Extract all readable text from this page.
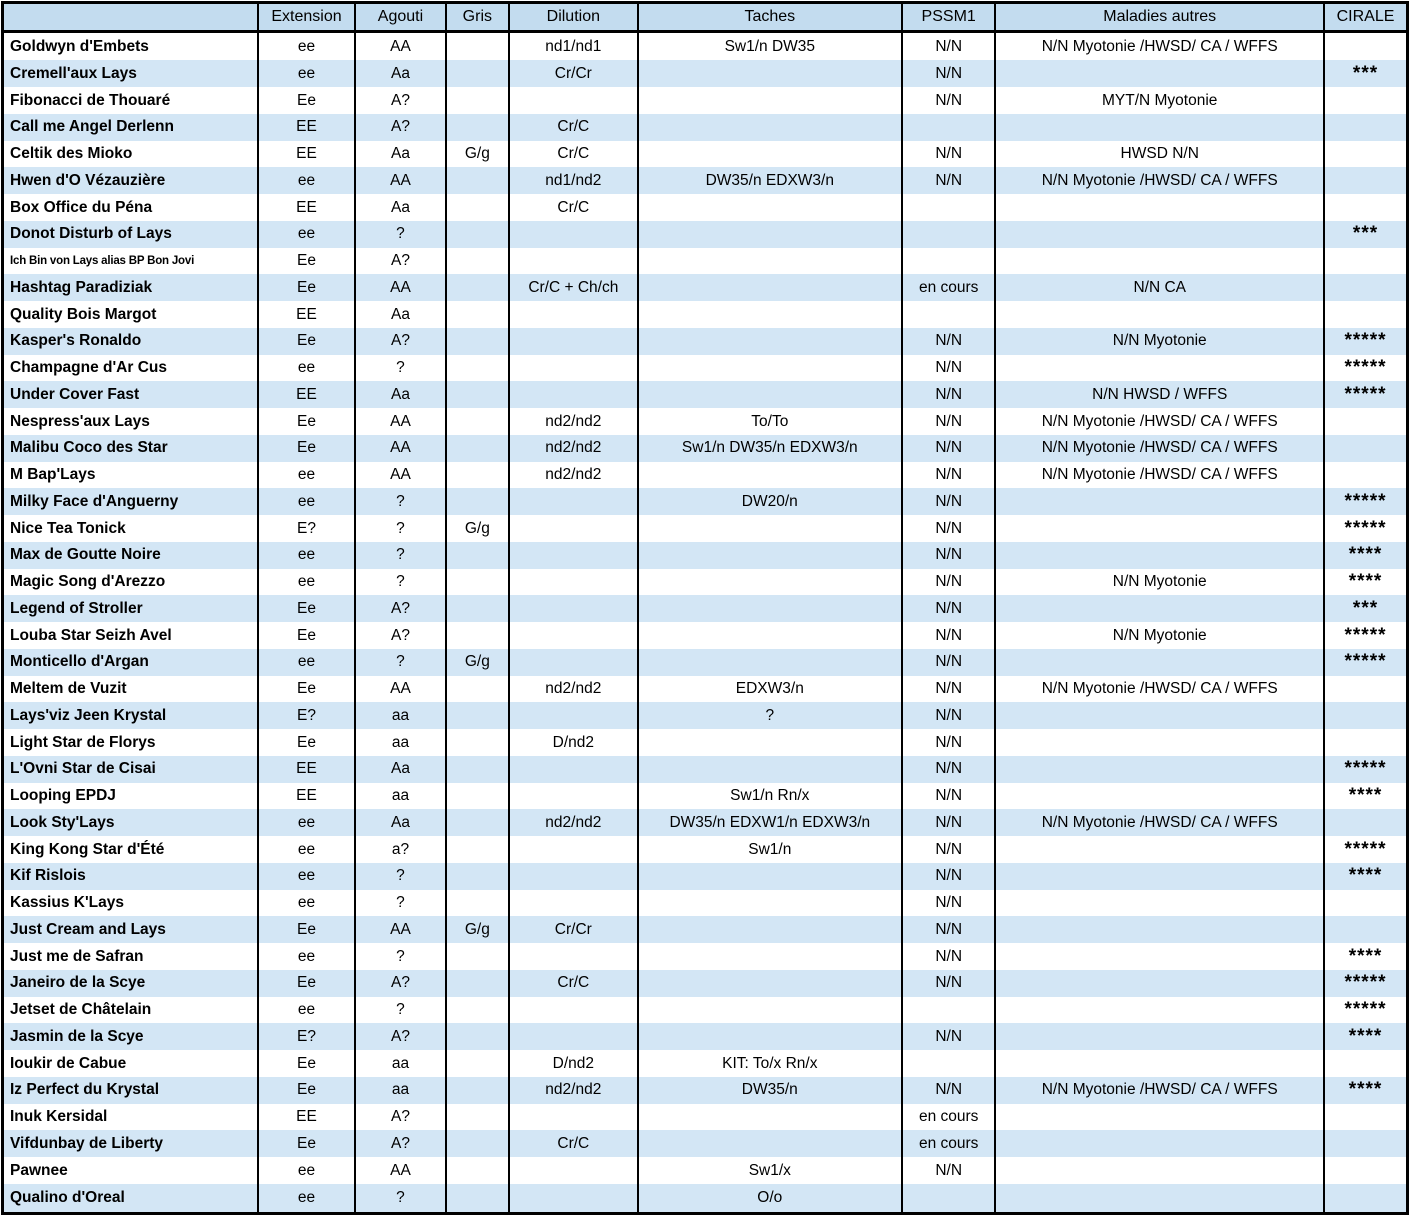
	Extension	Agouti	Gris	Dilution	Taches	PSSM1	Maladies autres	CIRALE
Goldwyn d'Embets	ee	AA		nd1/nd1	Sw1/n DW35	N/N	N/N Myotonie /HWSD/ CA / WFFS	
Cremell'aux Lays	ee	Aa		Cr/Cr		N/N		***
Fibonacci de Thouaré	Ee	A?				N/N	MYT/N Myotonie	
Call me Angel Derlenn	EE	A?		Cr/C				
Celtik des Mioko	EE	Aa	G/g	Cr/C		N/N	HWSD N/N	
Hwen d'O Vézauzière	ee	AA		nd1/nd2	DW35/n EDXW3/n	N/N	N/N Myotonie /HWSD/ CA / WFFS	
Box Office du Péna	EE	Aa		Cr/C				
Donot Disturb of Lays	ee	?						***
Ich Bin von Lays alias BP Bon Jovi	Ee	A?						
Hashtag Paradiziak	Ee	AA		Cr/C + Ch/ch		en cours	N/N CA	
Quality Bois Margot	EE	Aa						
Kasper's Ronaldo	Ee	A?				N/N	N/N Myotonie	*****
Champagne d'Ar Cus	ee	?				N/N		*****
Under Cover Fast	EE	Aa				N/N	N/N HWSD / WFFS	*****
Nespress'aux Lays	Ee	AA		nd2/nd2	To/To	N/N	N/N Myotonie /HWSD/ CA / WFFS	
Malibu Coco des Star	Ee	AA		nd2/nd2	Sw1/n DW35/n EDXW3/n	N/N	N/N Myotonie /HWSD/ CA / WFFS	
M Bap'Lays	ee	AA		nd2/nd2		N/N	N/N Myotonie /HWSD/ CA / WFFS	
Milky Face d'Anguerny	ee	?			DW20/n	N/N		*****
Nice Tea Tonick	E?	?	G/g			N/N		*****
Max de Goutte Noire	ee	?				N/N		****
Magic Song d'Arezzo	ee	?				N/N	N/N Myotonie	****
Legend of Stroller	Ee	A?				N/N		***
Louba Star Seizh Avel	Ee	A?				N/N	N/N Myotonie	*****
Monticello d'Argan	ee	?	G/g			N/N		*****
Meltem de Vuzit	Ee	AA		nd2/nd2	EDXW3/n	N/N	N/N Myotonie /HWSD/ CA / WFFS	
Lays'viz Jeen Krystal	E?	aa			?	N/N		
Light Star de Florys	Ee	aa		D/nd2		N/N		
L'Ovni Star de Cisai	EE	Aa				N/N		*****
Looping EPDJ	EE	aa			Sw1/n Rn/x	N/N		****
Look Sty'Lays	ee	Aa		nd2/nd2	DW35/n EDXW1/n EDXW3/n	N/N	N/N Myotonie /HWSD/ CA / WFFS	
King Kong Star d'Été	ee	a?			Sw1/n	N/N		*****
Kif Rislois	ee	?				N/N		****
Kassius K'Lays	ee	?				N/N		
Just Cream and Lays	Ee	AA	G/g	Cr/Cr		N/N		
Just me de Safran	ee	?				N/N		****
Janeiro de la Scye	Ee	A?		Cr/C		N/N		*****
Jetset de Châtelain	ee	?						*****
Jasmin de la Scye	E?	A?				N/N		****
Ioukir de Cabue	Ee	aa		D/nd2	KIT: To/x Rn/x			
Iz Perfect du Krystal	Ee	aa		nd2/nd2	DW35/n	N/N	N/N Myotonie /HWSD/ CA / WFFS	****
Inuk Kersidal	EE	A?				en cours		
Vifdunbay de Liberty	Ee	A?		Cr/C		en cours		
Pawnee	ee	AA			Sw1/x	N/N		
Qualino d'Oreal	ee	?			O/o			
